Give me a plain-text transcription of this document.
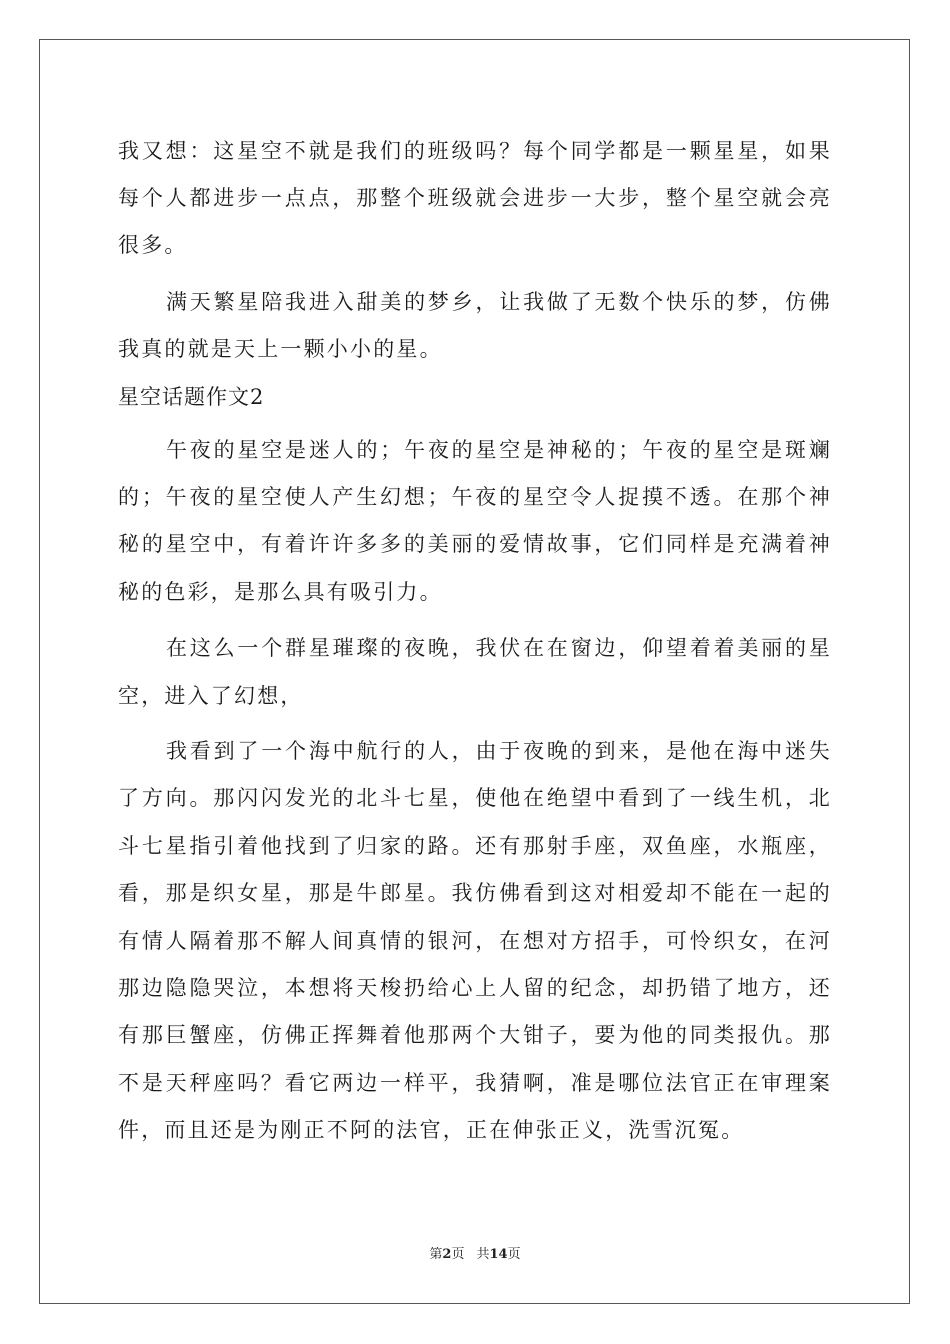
我又想：这星空不就是我们的班级吗？每个同学都是一颗星星，如果
每个人都进步一点点，那整个班级就会进步一大步，整个星空就会亮
很多。
满天繁星陪我进入甜美的梦乡，让我做了无数个快乐的梦，仿佛
我真的就是天上一颗小小的星。
星空话题作文2
午夜的星空是迷人的；午夜的星空是神秘的；午夜的星空是斑斓
的；午夜的星空使人产生幻想；午夜的星空令人捉摸不透。在那个神
秘的星空中，有着许许多多的美丽的爱情故事，它们同样是充满着神
秘的色彩，是那么具有吸引力。
在这么一个群星璀璨的夜晚，我伏在在窗边，仰望着着美丽的星
空，进入了幻想，
我看到了一个海中航行的人，由于夜晚的到来，是他在海中迷失
了方向。那闪闪发光的北斗七星，使他在绝望中看到了一线生机，北
斗七星指引着他找到了归家的路。还有那射手座，双鱼座，水瓶座，
看，那是织女星，那是牛郎星。我仿佛看到这对相爱却不能在一起的
有情人隔着那不解人间真情的银河，在想对方招手，可怜织女，在河
那边隐隐哭泣，本想将天梭扔给心上人留的纪念，却扔错了地方，还
有那巨蟹座，仿佛正挥舞着他那两个大钳子，要为他的同类报仇。那
不是天秤座吗？看它两边一样平，我猜啊，准是哪位法官正在审理案
件，而且还是为刚正不阿的法官，正在伸张正义，洗雪沉冤。
第2页 共14页
